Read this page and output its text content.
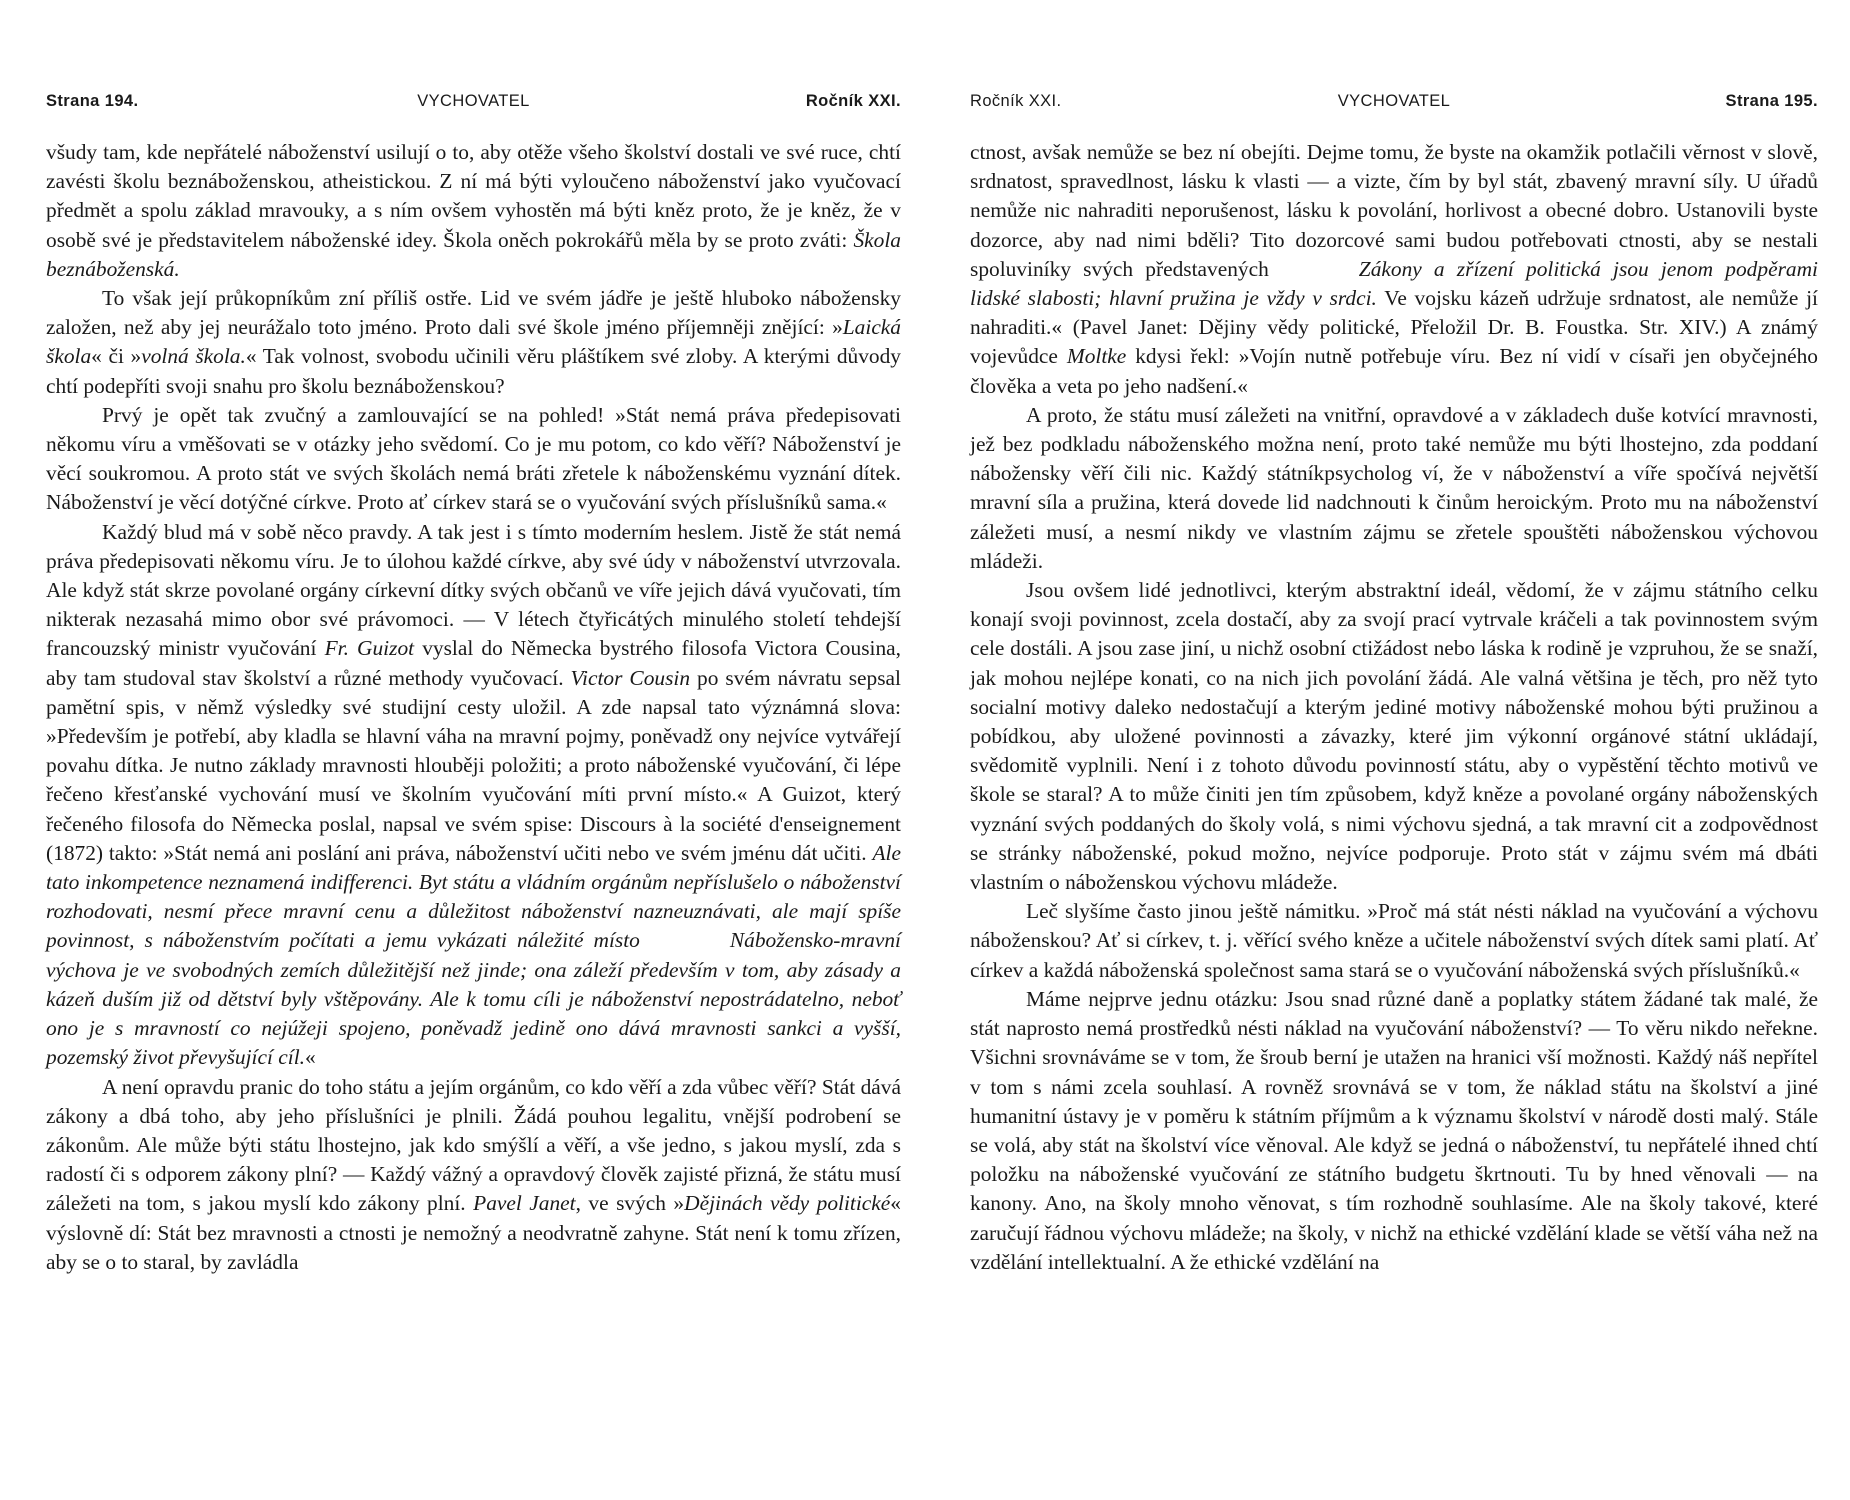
Strana 194.	VYCHOVATEL	Ročník XXI.

všudy tam, kde nepřátelé náboženství usilují o to, aby otěže všeho školství dostali ve své ruce, chtí zavésti školu beznáboženskou, atheistickou. Z ní má býti vyloučeno náboženství jako vyučovací předmět a spolu základ mravouky, a s ním ovšem vyhostěn má býti kněz proto, že je kněz, že v osobě své je představitelem náboženské idey. Škola oněch pokrokářů měla by se proto zváti: Škola beznáboženská.

To však její průkopníkům zní příliš ostře. Lid ve svém jádře je ještě hluboko nábožensky založen, než aby jej neurážalo toto jméno. Proto dali své škole jméno příjemněji znějící: »Laická škola« či »volná škola.« Tak volnost, svobodu učinili věru pláštíkem své zloby. A kterými důvody chtí podepříti svoji snahu pro školu beznáboženskou?

Prvý je opět tak zvučný a zamlouvající se na pohled! »Stát nemá práva předepisovati někomu víru a vměšovati se v otázky jeho svědomí. Co je mu potom, co kdo věří? Náboženství je věcí soukromou. A proto stát ve svých školách nemá bráti zřetele k náboženskému vyznání dítek. Náboženství je věcí dotýčné církve. Proto ať církev stará se o vyučování svých příslušníků sama.«

Každý blud má v sobě něco pravdy. A tak jest i s tímto moderním heslem. Jistě že stát nemá práva předepisovati někomu víru. Je to úlohou každé církve, aby své údy v náboženství utvrzovala. Ale když stát skrze povolané orgány církevní dítky svých občanů ve víře jejich dává vyučovati, tím nikterak nezasahá mimo obor své právomoci. — V létech čtyřicátých minulého století tehdejší francouzský ministr vyučování Fr. Guizot vyslal do Německa bystrého filosofa Victora Cousina, aby tam studoval stav školství a různé methody vyučovací. Victor Cousin po svém návratu sepsal pamětní spis, v němž výsledky své studijní cesty uložil. A zde napsal tato význámná slova: »Především je potřebí, aby kladla se hlavní váha na mravní pojmy, poněvadž ony nejvíce vytvářejí povahu dítka. Je nutno základy mravnosti hlouběji položiti; a proto náboženské vyučování, či lépe řečeno křesťanské vychování musí ve školním vyučování míti první místo.« A Guizot, který řečeného filosofa do Německa poslal, napsal ve svém spise: Discours à la société d'enseignement (1872) takto: »Stát nemá ani poslání ani práva, náboženství učiti nebo ve svém jménu dát učiti. Ale tato inkompetence neznamená indifferenci. Byt státu a vládním orgánům nepříslušelo o náboženství rozhodovati, nesmí přece mravní cenu a důležitost náboženství nazneuznávati, ale mají spíše povinnost, s náboženstvím počítati a jemu vykázati náležité místo	Nábožensko-mravní výchova je ve svobodných zemích důležitější než jinde; ona záleží především v tom, aby zásady a kázeň duším již od dětství byly vštěpovány. Ale k tomu cíli je náboženství nepostrádatelno, neboť ono je s mravností co nejúžeji spojeno, poněvadž jedině ono dává mravnosti sankci a vyšší, pozemský život převyšující cíl.«

A není opravdu pranic do toho státu a jejím orgánům, co kdo věří a zda vůbec věří? Stát dává zákony a dbá toho, aby jeho příslušníci je plnili. Žádá pouhou legalitu, vnější podrobení se zákonům. Ale může býti státu lhostejno, jak kdo smýšlí a věří, a vše jedno, s jakou myslí, zda s radostí či s odporem zákony plní? — Každý vážný a opravdový člověk zajisté přizná, že státu musí záležeti na tom, s jakou myslí kdo zákony plní. Pavel Janet, ve svých »Dějinách vědy politické« výslovně dí: Stát bez mravnosti a ctnosti je nemožný a neodvratně zahyne. Stát není k tomu zřízen, aby se o to staral, by zavládla

Ročník XXI.	VYCHOVATEL	Strana 195.

ctnost, avšak nemůže se bez ní obejíti. Dejme tomu, že byste na okamžik potlačili věrnost v slově, srdnatost, spravedlnost, lásku k vlasti — a vizte, čím by byl stát, zbavený mravní síly. U úřadů nemůže nic nahraditi neporušenost, lásku k povolání, horlivost a obecné dobro. Ustanovili byste dozorce, aby nad nimi bděli? Tito dozorcové sami budou potřebovati ctnosti, aby se nestali spoluviníky svých představených	Zákony a zřízení politická jsou jenom podpěrami lidské slabosti; hlavní pružina je vždy v srdci. Ve vojsku kázeň udržuje srdnatost, ale nemůže jí nahraditi.« (Pavel Janet: Dějiny vědy politické, Přeložil Dr. B. Foustka. Str. XIV.) A známý vojevůdce Moltke kdysi řekl: »Vojín nutně potřebuje víru. Bez ní vidí v císaři jen obyčejného člověka a veta po jeho nadšení.«

A proto, že státu musí záležeti na vnitřní, opravdové a v základech duše kotvící mravnosti, jež bez podkladu náboženského možna není, proto také nemůže mu býti lhostejno, zda poddaní nábožensky věří čili nic. Každý státníkpsycholog ví, že v náboženství a víře spočívá největší mravní síla a pružina, která dovede lid nadchnouti k činům heroickým. Proto mu na náboženství záležeti musí, a nesmí nikdy ve vlastním zájmu se zřetele spouštěti náboženskou výchovou mládeži.

Jsou ovšem lidé jednotlivci, kterým abstraktní ideál, vědomí, že v zájmu státního celku konají svoji povinnost, zcela dostačí, aby za svojí prací vytrvale kráčeli a tak povinnostem svým cele dostáli. A jsou zase jiní, u nichž osobní ctižádost nebo láska k rodině je vzpruhou, že se snaží, jak mohou nejlépe konati, co na nich jich povolání žádá. Ale valná většina je těch, pro něž tyto socialní motivy daleko nedostačují a kterým jediné motivy náboženské mohou býti pružinou a pobídkou, aby uložené povinnosti a závazky, které jim výkonní orgánové státní ukládají, svědomitě vyplnili. Není i z tohoto důvodu povinností státu, aby o vypěstění těchto motivů ve škole se staral? A to může činiti jen tím způsobem, když kněze a povolané orgány náboženských vyznání svých poddaných do školy volá, s nimi výchovu sjedná, a tak mravní cit a zodpovědnost se stránky náboženské, pokud možno, nejvíce podporuje. Proto stát v zájmu svém má dbáti vlastním o náboženskou výchovu mládeže.

Leč slyšíme často jinou ještě námitku. »Proč má stát nésti náklad na vyučování a výchovu náboženskou? Ať si církev, t. j. věřící svého kněze a učitele náboženství svých dítek sami platí. Ať církev a každá náboženská společnost sama stará se o vyučování náboženská svých příslušníků.«

Máme nejprve jednu otázku: Jsou snad různé daně a poplatky státem žádané tak malé, že stát naprosto nemá prostředků nésti náklad na vyučování náboženství? — To věru nikdo neřekne. Všichni srovnáváme se v tom, že šroub berní je utažen na hranici vší možnosti. Každý náš nepřítel v tom s námi zcela souhlasí. A rovněž srovnává se v tom, že náklad státu na školství a jiné humanitní ústavy je v poměru k státním příjmům a k významu školství v národě dosti malý. Stále se volá, aby stát na školství více věnoval. Ale když se jedná o náboženství, tu nepřátelé ihned chtí položku na náboženské vyučování ze státního budgetu škrtnouti. Tu by hned věnovali — na kanony. Ano, na školy mnoho věnovat, s tím rozhodně souhlasíme. Ale na školy takové, které zaručují řádnou výchovu mládeže; na školy, v nichž na ethické vzdělání klade se větší váha než na vzdělání intellektualní. A že ethické vzdělání na
